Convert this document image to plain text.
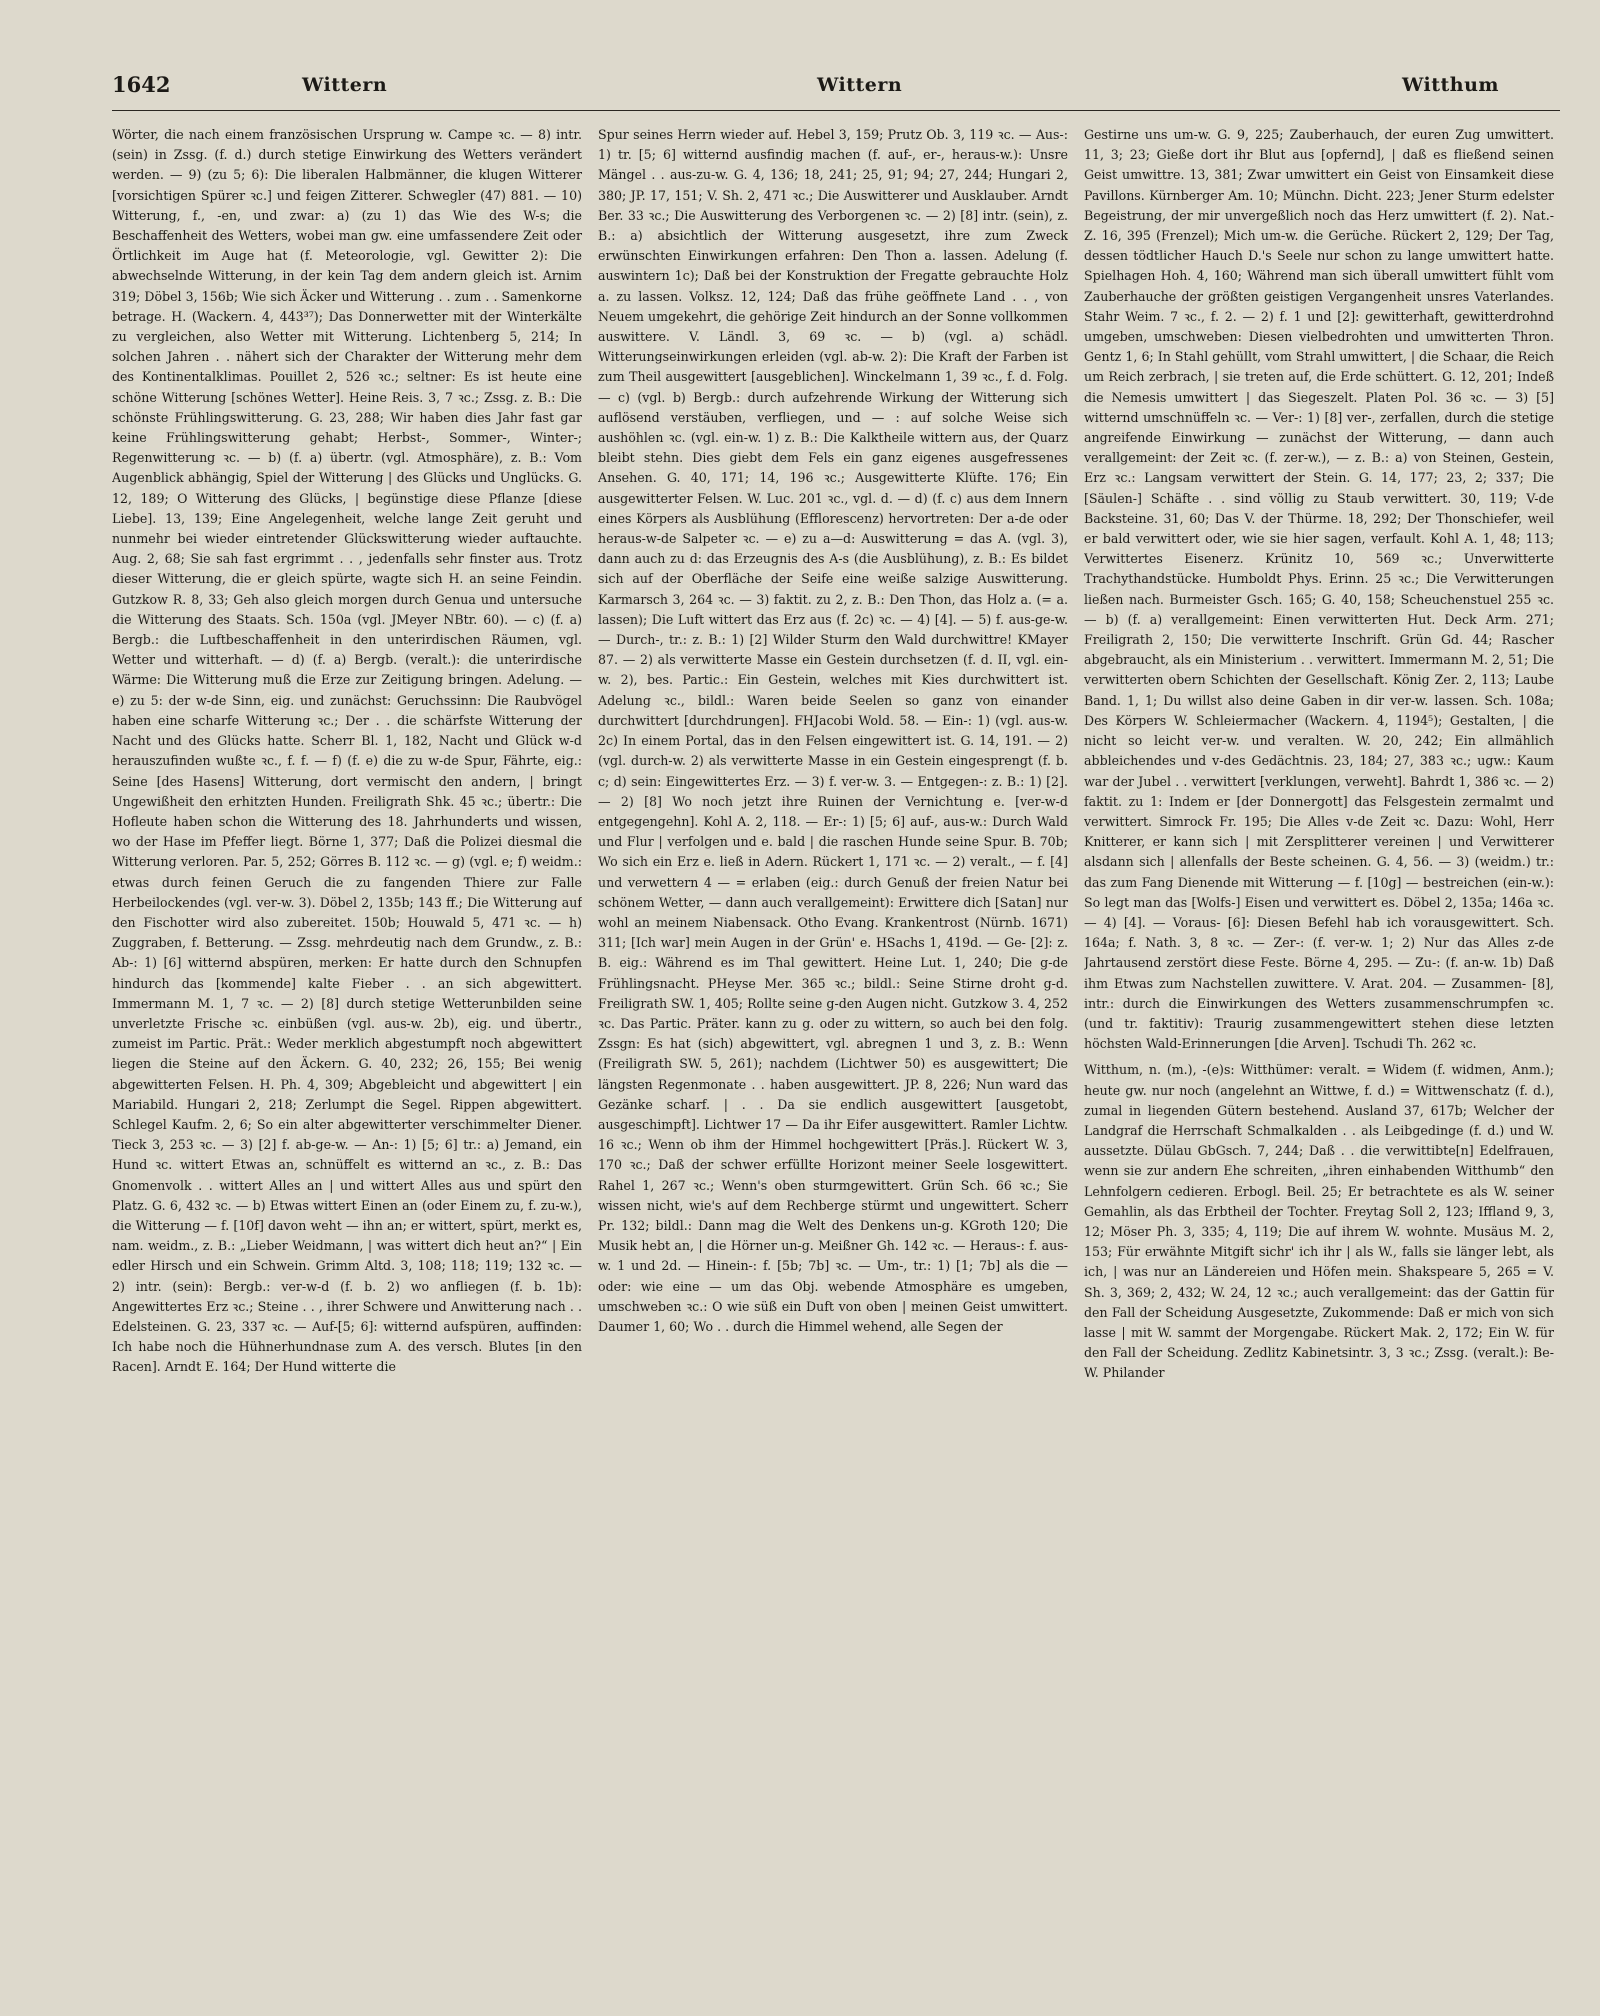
1642	Wittern	Wittern	Witthum

Wörter, die nach einem französischen Ursprung w. Campe ꝛc. — 8) intr. (sein) in Zssg. (f. d.) durch stetige Einwirkung des Wetters verändert werden. — 9) (zu 5; 6): Die liberalen Halbmänner, die klugen Witterer [vorsichtigen Spürer ꝛc.] und feigen Zitterer. Schwegler (47) 881. — 10) Witterung, f., -en, und zwar: a) (zu 1) das Wie des W-s; die Beschaffenheit des Wetters, wobei man gw. eine umfassendere Zeit oder Örtlichkeit im Auge hat (f. Meteorologie, vgl. Gewitter 2): Die abwechselnde Witterung, in der kein Tag dem andern gleich ist. Arnim 319; Döbel 3, 156b; Wie sich Äcker und Witterung . . zum . . Samenkorne betrage. H. (Wackern. 4, 443³⁷); Das Donnerwetter mit der Winterkälte zu vergleichen, also Wetter mit Witterung. Lichtenberg 5, 214; In solchen Jahren . . nähert sich der Charakter der Witterung mehr dem des Kontinentalklimas. Pouillet 2, 526 ꝛc.; seltner: Es ist heute eine schöne Witterung [schönes Wetter]. Heine Reis. 3, 7 ꝛc.; Zssg. z. B.: Die schönste Frühlingswitterung. G. 23, 288; Wir haben dies Jahr fast gar keine Frühlingswitterung gehabt; Herbst-, Sommer-, Winter-; Regenwitterung ꝛc. — b) (f. a) übertr. (vgl. Atmosphäre), z. B.: Vom Augenblick abhängig, Spiel der Witterung | des Glücks und Unglücks. G. 12, 189; O Witterung des Glücks, | begünstige diese Pflanze [diese Liebe]. 13, 139; Eine Angelegenheit, welche lange Zeit geruht und nunmehr bei wieder eintretender Glückswitterung wieder auftauchte. Aug. 2, 68; Sie sah fast ergrimmt . . , jedenfalls sehr finster aus. Trotz dieser Witterung, die er gleich spürte, wagte sich H. an seine Feindin. Gutzkow R. 8, 33; Geh also gleich morgen durch Genua und untersuche die Witterung des Staats. Sch. 150a (vgl. JMeyer NBtr. 60). — c) (f. a) Bergb.: die Luftbeschaffenheit in den unterirdischen Räumen, vgl. Wetter und witterhaft. — d) (f. a) Bergb. (veralt.): die unterirdische Wärme: Die Witterung muß die Erze zur Zeitigung bringen. Adelung. — e) zu 5: der w-de Sinn, eig. und zunächst: Geruchssinn: Die Raubvögel haben eine scharfe Witterung ꝛc.; Der . . die schärfste Witterung der Nacht und des Glücks hatte. Scherr Bl. 1, 182, Nacht und Glück w-d herauszufinden wußte ꝛc., f. f. — f) (f. e) die zu w-de Spur, Fährte, eig.: Seine [des Hasens] Witterung, dort vermischt den andern, | bringt Ungewißheit den erhitzten Hunden. Freiligrath Shk. 45 ꝛc.; übertr.: Die Hofleute haben schon die Witterung des 18. Jahrhunderts und wissen, wo der Hase im Pfeffer liegt. Börne 1, 377; Daß die Polizei diesmal die Witterung verloren. Par. 5, 252; Görres B. 112 ꝛc. — g) (vgl. e; f) weidm.: etwas durch feinen Geruch die zu fangenden Thiere zur Falle Herbeilockendes (vgl. ver-w. 3). Döbel 2, 135b; 143 ff.; Die Witterung auf den Fischotter wird also zubereitet. 150b; Houwald 5, 471 ꝛc. — h) Zuggraben, f. Betterung. — Zssg. mehrdeutig nach dem Grundw., z. B.: Ab-: 1) [6] witternd abspüren, merken: Er hatte durch den Schnupfen hindurch das [kommende] kalte Fieber . . an sich abgewittert. Immermann M. 1, 7 ꝛc. — 2) [8] durch stetige Wetterunbilden seine unverletzte Frische ꝛc. einbüßen (vgl. aus-w. 2b), eig. und übertr., zumeist im Partic. Prät.: Weder merklich abgestumpft noch abgewittert liegen die Steine auf den Äckern. G. 40, 232; 26, 155; Bei wenig abgewitterten Felsen. H. Ph. 4, 309; Abgebleicht und abgewittert | ein Mariabild. Hungari 2, 218; Zerlumpt die Segel. Rippen abgewittert. Schlegel Kaufm. 2, 6; So ein alter abgewitterter verschimmelter Diener. Tieck 3, 253 ꝛc. — 3) [2] f. ab-ge-w. — An-: 1) [5; 6] tr.: a) Jemand, ein Hund ꝛc. wittert Etwas an, schnüffelt es witternd an ꝛc., z. B.: Das Gnomenvolk . . wittert Alles an | und wittert Alles aus und spürt den Platz. G. 6, 432 ꝛc. — b) Etwas wittert Einen an (oder Einem zu, f. zu-w.), die Witterung — f. [10f] davon weht — ihn an; er wittert, spürt, merkt es, nam. weidm., z. B.: „Lieber Weidmann, | was wittert dich heut an?“ | Ein edler Hirsch und ein Schwein. Grimm Altd. 3, 108; 118; 119; 132 ꝛc. — 2) intr. (sein): Bergb.: ver-w-d (f. b. 2) wo anfliegen (f. b. 1b): Angewittertes Erz ꝛc.; Steine . . , ihrer Schwere und Anwitterung nach . . Edelsteinen. G. 23, 337 ꝛc. — Auf-[5; 6]: witternd aufspüren, auffinden: Ich habe noch die Hühnerhundnase zum A. des versch. Blutes [in den Racen]. Arndt E. 164; Der Hund witterte die

Spur seines Herrn wieder auf. Hebel 3, 159; Prutz Ob. 3, 119 ꝛc. — Aus-: 1) tr. [5; 6] witternd ausfindig machen (f. auf-, er-, heraus-w.): Unsre Mängel . . aus-zu-w. G. 4, 136; 18, 241; 25, 91; 94; 27, 244; Hungari 2, 380; JP. 17, 151; V. Sh. 2, 471 ꝛc.; Die Auswitterer und Ausklauber. Arndt Ber. 33 ꝛc.; Die Auswitterung des Verborgenen ꝛc. — 2) [8] intr. (sein), z. B.: a) absichtlich der Witterung ausgesetzt, ihre zum Zweck erwünschten Einwirkungen erfahren: Den Thon a. lassen. Adelung (f. auswintern 1c); Daß bei der Konstruktion der Fregatte gebrauchte Holz a. zu lassen. Volksz. 12, 124; Daß das frühe geöffnete Land . . , von Neuem umgekehrt, die gehörige Zeit hindurch an der Sonne vollkommen auswittere. V. Ländl. 3, 69 ꝛc. — b) (vgl. a) schädl. Witterungseinwirkungen erleiden (vgl. ab-w. 2): Die Kraft der Farben ist zum Theil ausgewittert [ausgeblichen]. Winckelmann 1, 39 ꝛc., f. d. Folg. — c) (vgl. b) Bergb.: durch aufzehrende Wirkung der Witterung sich auflösend verstäuben, verfliegen, und — : auf solche Weise sich aushöhlen ꝛc. (vgl. ein-w. 1) z. B.: Die Kalktheile wittern aus, der Quarz bleibt stehn. Dies giebt dem Fels ein ganz eigenes ausgefressenes Ansehen. G. 40, 171; 14, 196 ꝛc.; Ausgewitterte Klüfte. 176; Ein ausgewitterter Felsen. W. Luc. 201 ꝛc., vgl. d. — d) (f. c) aus dem Innern eines Körpers als Ausblühung (Efflorescenz) hervortreten: Der a-de oder heraus-w-de Salpeter ꝛc. — e) zu a—d: Auswitterung = das A. (vgl. 3), dann auch zu d: das Erzeugnis des A-s (die Ausblühung), z. B.: Es bildet sich auf der Oberfläche der Seife eine weiße salzige Auswitterung. Karmarsch 3, 264 ꝛc. — 3) faktit. zu 2, z. B.: Den Thon, das Holz a. (= a. lassen); Die Luft wittert das Erz aus (f. 2c) ꝛc. — 4) [4]. — 5) f. aus-ge-w. — Durch-, tr.: z. B.: 1) [2] Wilder Sturm den Wald durchwittre! KMayer 87. — 2) als verwitterte Masse ein Gestein durchsetzen (f. d. II, vgl. ein-w. 2), bes. Partic.: Ein Gestein, welches mit Kies durchwittert ist. Adelung ꝛc., bildl.: Waren beide Seelen so ganz von einander durchwittert [durchdrungen]. FHJacobi Wold. 58. — Ein-: 1) (vgl. aus-w. 2c) In einem Portal, das in den Felsen eingewittert ist. G. 14, 191. — 2) (vgl. durch-w. 2) als verwitterte Masse in ein Gestein eingesprengt (f. b. c; d) sein: Eingewittertes Erz. — 3) f. ver-w. 3. — Entgegen-: z. B.: 1) [2]. — 2) [8] Wo noch jetzt ihre Ruinen der Vernichtung e. [ver-w-d entgegengehn]. Kohl A. 2, 118. — Er-: 1) [5; 6] auf-, aus-w.: Durch Wald und Flur | verfolgen und e. bald | die raschen Hunde seine Spur. B. 70b; Wo sich ein Erz e. ließ in Adern. Rückert 1, 171 ꝛc. — 2) veralt., — f. [4] und verwettern 4 — = erlaben (eig.: durch Genuß der freien Natur bei schönem Wetter, — dann auch verallgemeint): Erwittere dich [Satan] nur wohl an meinem Niabensack. Otho Evang. Krankentrost (Nürnb. 1671) 311; [Ich war] mein Augen in der Grün' e. HSachs 1, 419d. — Ge- [2]: z. B. eig.: Während es im Thal gewittert. Heine Lut. 1, 240; Die g-de Frühlingsnacht. PHeyse Mer. 365 ꝛc.; bildl.: Seine Stirne droht g-d. Freiligrath SW. 1, 405; Rollte seine g-den Augen nicht. Gutzkow 3. 4, 252 ꝛc. Das Partic. Präter. kann zu g. oder zu wittern, so auch bei den folg. Zssgn: Es hat (sich) abgewittert, vgl. abregnen 1 und 3, z. B.: Wenn (Freiligrath SW. 5, 261); nachdem (Lichtwer 50) es ausgewittert; Die längsten Regenmonate . . haben ausgewittert. JP. 8, 226; Nun ward das Gezänke scharf. | . . Da sie endlich ausgewittert [ausgetobt, ausgeschimpft]. Lichtwer 17 — Da ihr Eifer ausgewittert. Ramler Lichtw. 16 ꝛc.; Wenn ob ihm der Himmel hochgewittert [Präs.]. Rückert W. 3, 170 ꝛc.; Daß der schwer erfüllte Horizont meiner Seele losgewittert. Rahel 1, 267 ꝛc.; Wenn's oben sturmgewittert. Grün Sch. 66 ꝛc.; Sie wissen nicht, wie's auf dem Rechberge stürmt und ungewittert. Scherr Pr. 132; bildl.: Dann mag die Welt des Denkens un-g. KGroth 120; Die Musik hebt an, | die Hörner un-g. Meißner Gh. 142 ꝛc. — Heraus-: f. aus-w. 1 und 2d. — Hinein-: f. [5b; 7b] ꝛc. — Um-, tr.: 1) [1; 7b] als die — oder: wie eine — um das Obj. webende Atmosphäre es umgeben, umschweben ꝛc.: O wie süß ein Duft von oben | meinen Geist umwittert. Daumer 1, 60; Wo . . durch die Himmel wehend, alle Segen der

Gestirne uns um-w. G. 9, 225; Zauberhauch, der euren Zug umwittert. 11, 3; 23; Gieße dort ihr Blut aus [opfernd], | daß es fließend seinen Geist umwittre. 13, 381; Zwar umwittert ein Geist von Einsamkeit diese Pavillons. Kürnberger Am. 10; Münchn. Dicht. 223; Jener Sturm edelster Begeistrung, der mir unvergeßlich noch das Herz umwittert (f. 2). Nat.-Z. 16, 395 (Frenzel); Mich um-w. die Gerüche. Rückert 2, 129; Der Tag, dessen tödtlicher Hauch D.'s Seele nur schon zu lange umwittert hatte. Spielhagen Hoh. 4, 160; Während man sich überall umwittert fühlt vom Zauberhauche der größten geistigen Vergangenheit unsres Vaterlandes. Stahr Weim. 7 ꝛc., f. 2. — 2) f. 1 und [2]: gewitterhaft, gewitterdrohnd umgeben, umschweben: Diesen vielbedrohten und umwitterten Thron. Gentz 1, 6; In Stahl gehüllt, vom Strahl umwittert, | die Schaar, die Reich um Reich zerbrach, | sie treten auf, die Erde schüttert. G. 12, 201; Indeß die Nemesis umwittert | das Siegeszelt. Platen Pol. 36 ꝛc. — 3) [5] witternd umschnüffeln ꝛc. — Ver-: 1) [8] ver-, zerfallen, durch die stetige angreifende Einwirkung — zunächst der Witterung, — dann auch verallgemeint: der Zeit ꝛc. (f. zer-w.), — z. B.: a) von Steinen, Gestein, Erz ꝛc.: Langsam verwittert der Stein. G. 14, 177; 23, 2; 337; Die [Säulen-] Schäfte . . sind völlig zu Staub verwittert. 30, 119; V-de Backsteine. 31, 60; Das V. der Thürme. 18, 292; Der Thonschiefer, weil er bald verwittert oder, wie sie hier sagen, verfault. Kohl A. 1, 48; 113; Verwittertes Eisenerz. Krünitz 10, 569 ꝛc.; Unverwitterte Trachythandstücke. Humboldt Phys. Erinn. 25 ꝛc.; Die Verwitterungen ließen nach. Burmeister Gsch. 165; G. 40, 158; Scheuchenstuel 255 ꝛc. — b) (f. a) verallgemeint: Einen verwitterten Hut. Deck Arm. 271; Freiligrath 2, 150; Die verwitterte Inschrift. Grün Gd. 44; Rascher abgebraucht, als ein Ministerium . . verwittert. Immermann M. 2, 51; Die verwitterten obern Schichten der Gesellschaft. König Zer. 2, 113; Laube Band. 1, 1; Du willst also deine Gaben in dir ver-w. lassen. Sch. 108a; Des Körpers W. Schleiermacher (Wackern. 4, 1194⁵); Gestalten, | die nicht so leicht ver-w. und veralten. W. 20, 242; Ein allmählich abbleichendes und v-des Gedächtnis. 23, 184; 27, 383 ꝛc.; ugw.: Kaum war der Jubel . . verwittert [verklungen, verweht]. Bahrdt 1, 386 ꝛc. — 2) faktit. zu 1: Indem er [der Donnergott] das Felsgestein zermalmt und verwittert. Simrock Fr. 195; Die Alles v-de Zeit ꝛc. Dazu: Wohl, Herr Knitterer, er kann sich | mit Zersplitterer vereinen | und Verwitterer alsdann sich | allenfalls der Beste scheinen. G. 4, 56. — 3) (weidm.) tr.: das zum Fang Dienende mit Witterung — f. [10g] — bestreichen (ein-w.): So legt man das [Wolfs-] Eisen und verwittert es. Döbel 2, 135a; 146a ꝛc. — 4) [4]. — Voraus- [6]: Diesen Befehl hab ich vorausgewittert. Sch. 164a; f. Nath. 3, 8 ꝛc. — Zer-: (f. ver-w. 1; 2) Nur das Alles z-de Jahrtausend zerstört diese Feste. Börne 4, 295. — Zu-: (f. an-w. 1b) Daß ihm Etwas zum Nachstellen zuwittere. V. Arat. 204. — Zusammen- [8], intr.: durch die Einwirkungen des Wetters zusammenschrumpfen ꝛc. (und tr. faktitiv): Traurig zusammengewittert stehen diese letzten höchsten Wald-Erinnerungen [die Arven]. Tschudi Th. 262 ꝛc.

Witthum, n. (m.), -(e)s: Witthümer: veralt. = Widem (f. widmen, Anm.); heute gw. nur noch (angelehnt an Wittwe, f. d.) = Wittwenschatz (f. d.), zumal in liegenden Gütern bestehend. Ausland 37, 617b; Welcher der Landgraf die Herrschaft Schmalkalden . . als Leibgedinge (f. d.) und W. aussetzte. Dülau GbGsch. 7, 244; Daß . . die verwittibte[n] Edelfrauen, wenn sie zur andern Ehe schreiten, „ihren einhabenden Witthumb“ den Lehnfolgern cedieren. Erbogl. Beil. 25; Er betrachtete es als W. seiner Gemahlin, als das Erbtheil der Tochter. Freytag Soll 2, 123; Iffland 9, 3, 12; Möser Ph. 3, 335; 4, 119; Die auf ihrem W. wohnte. Musäus M. 2, 153; Für erwähnte Mitgift sichr' ich ihr | als W., falls sie länger lebt, als ich, | was nur an Ländereien und Höfen mein. Shakspeare 5, 265 = V. Sh. 3, 369; 2, 432; W. 24, 12 ꝛc.; auch verallgemeint: das der Gattin für den Fall der Scheidung Ausgesetzte, Zukommende: Daß er mich von sich lasse | mit W. sammt der Morgengabe. Rückert Mak. 2, 172; Ein W. für den Fall der Scheidung. Zedlitz Kabinetsintr. 3, 3 ꝛc.; Zssg. (veralt.): Be-W. Philander
